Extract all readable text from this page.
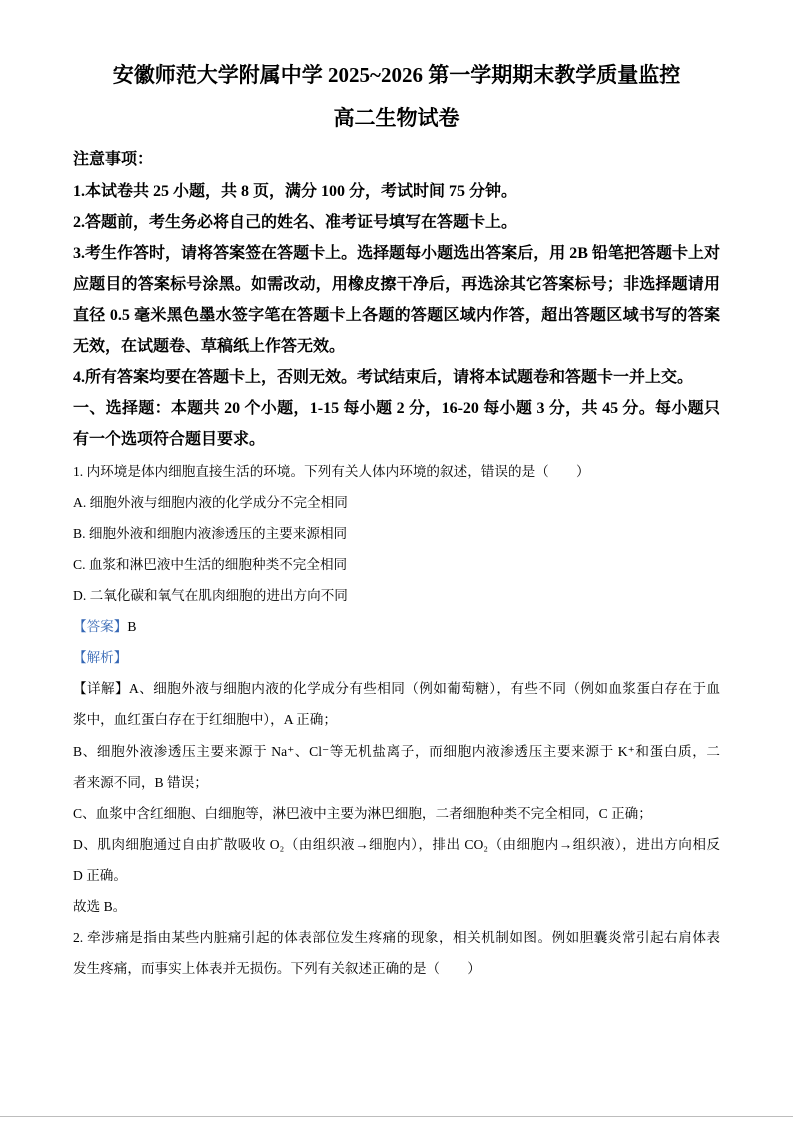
安徽师范大学附属中学 2025~2026 第一学期期末教学质量监控
高二生物试卷
注意事项：
1.本试卷共 25 小题，共 8 页，满分 100 分，考试时间 75 分钟。
2.答题前，考生务必将自己的姓名、准考证号填写在答题卡上。
3.考生作答时，请将答案签在答题卡上。选择题每小题选出答案后，用 2B 铅笔把答题卡上对
应题目的答案标号涂黑。如需改动，用橡皮擦干净后，再选涂其它答案标号；非选择题请用
直径 0.5 毫米黑色墨水签字笔在答题卡上各题的答题区域内作答，超出答题区域书写的答案
无效，在试题卷、草稿纸上作答无效。
4.所有答案均要在答题卡上，否则无效。考试结束后，请将本试题卷和答题卡一并上交。
一、选择题：本题共 20 个小题，1-15 每小题 2 分，16-20 每小题 3 分，共 45 分。每小题只
有一个选项符合题目要求。
1. 内环境是体内细胞直接生活的环境。下列有关人体内环境的叙述，错误的是（　　）
A. 细胞外液与细胞内液的化学成分不完全相同
B. 细胞外液和细胞内液渗透压的主要来源相同
C. 血浆和淋巴液中生活的细胞种类不完全相同
D. 二氧化碳和氧气在肌肉细胞的进出方向不同
【答案】B
【解析】
【详解】A、细胞外液与细胞内液的化学成分有些相同（例如葡萄糖），有些不同（例如血浆蛋白存在于血
浆中，血红蛋白存在于红细胞中），A 正确；
B、细胞外液渗透压主要来源于 Na⁺、Cl⁻等无机盐离子，而细胞内液渗透压主要来源于 K⁺和蛋白质，二
者来源不同，B 错误；
C、血浆中含红细胞、白细胞等，淋巴液中主要为淋巴细胞，二者细胞种类不完全相同，C 正确；
D、肌肉细胞通过自由扩散吸收 O₂（由组织液→细胞内），排出 CO₂（由细胞内→组织液），进出方向相反
D 正确。
故选 B。
2. 牵涉痛是指由某些内脏痛引起的体表部位发生疼痛的现象，相关机制如图。例如胆囊炎常引起右肩体表
发生疼痛，而事实上体表并无损伤。下列有关叙述正确的是（　　）
